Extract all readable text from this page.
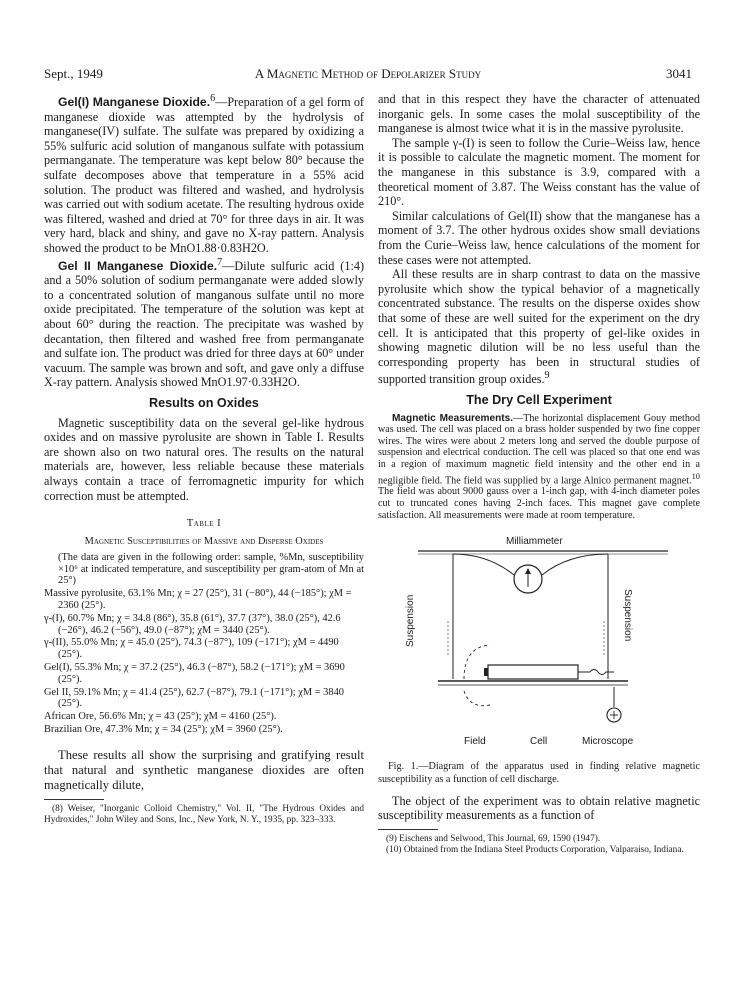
Sept., 1949	A Magnetic Method of Depolarizer Study	3041

Gel(I) Manganese Dioxide.$^6$—Preparation of a gel form of manganese dioxide was attempted by the hydrolysis of manganese(IV) sulfate. The sulfate was prepared by oxidizing a 55% sulfuric acid solution of manganous sulfate with potassium permanganate. The temperature was kept below 80° because the sulfate decomposes above that temperature in a 55% acid solution. The product was filtered and washed, and hydrolysis was carried out with sodium acetate. The resulting hydrous oxide was filtered, washed and dried at 70° for three days in air. It was very hard, black and shiny, and gave no X-ray pattern. Analysis showed the product to be MnO1.88·0.83H2O.

Gel II Manganese Dioxide.$^7$—Dilute sulfuric acid (1:4) and a 50% solution of sodium permanganate were added slowly to a concentrated solution of manganous sulfate until no more oxide precipitated. The temperature of the solution was kept at about 60° during the reaction. The precipitate was washed by decantation, then filtered and washed free from permanganate and sulfate ion. The product was dried for three days at 60° under vacuum. The sample was brown and soft, and gave only a diffuse X-ray pattern. Analysis showed MnO1.97·0.33H2O.

Results on Oxides

Magnetic susceptibility data on the several gel-like hydrous oxides and on massive pyrolusite are shown in Table I. Results are shown also on two natural ores. The results on the natural materials are, however, less reliable because these materials always contain a trace of ferromagnetic impurity for which correction must be attempted.

Table I
Magnetic Susceptibilities of Massive and Disperse Oxides
(The data are given in the following order: sample, %Mn, susceptibility ×10⁶ at indicated temperature, and susceptibility per gram-atom of Mn at 25°)
Massive pyrolusite, 63.1% Mn; χ = 27 (25°), 31 (−80°), 44 (−185°); χM = 2360 (25°).
γ-(I), 60.7% Mn; χ = 34.8 (86°), 35.8 (61°), 37.7 (37°), 38.0 (25°), 42.6 (−26°), 46.2 (−56°), 49.0 (−87°); χM = 3440 (25°).
γ-(II), 55.0% Mn; χ = 45.0 (25°), 74.3 (−87°), 109 (−171°); χM = 4490 (25°).
Gel(I), 55.3% Mn; χ = 37.2 (25°), 46.3 (−87°), 58.2 (−171°); χM = 3690 (25°).
Gel II, 59.1% Mn; χ = 41.4 (25°), 62.7 (−87°), 79.1 (−171°); χM = 3840 (25°).
African Ore, 56.6% Mn; χ = 43 (25°); χM = 4160 (25°).
Brazilian Ore, 47.3% Mn; χ = 34 (25°); χM = 3960 (25°).

These results all show the surprising and gratifying result that natural and synthetic manganese dioxides are often magnetically dilute,

(8) Weiser, "Inorganic Colloid Chemistry," Vol. II, "The Hydrous Oxides and Hydroxides," John Wiley and Sons, Inc., New York, N. Y., 1935, pp. 323–333.

and that in this respect they have the character of attenuated inorganic gels. In some cases the molal susceptibility of the manganese is almost twice what it is in the massive pyrolusite.

The sample γ-(I) is seen to follow the Curie–Weiss law, hence it is possible to calculate the magnetic moment. The moment for the manganese in this substance is 3.9, compared with a theoretical moment of 3.87. The Weiss constant has the value of 210°.

Similar calculations of Gel(II) show that the manganese has a moment of 3.7. The other hydrous oxides show small deviations from the Curie–Weiss law, hence calculations of the moment for these cases were not attempted.

All these results are in sharp contrast to data on the massive pyrolusite which show the typical behavior of a magnetically concentrated substance. The results on the disperse oxides show that some of these are well suited for the experiment on the dry cell. It is anticipated that this property of gel-like oxides in showing magnetic dilution will be no less useful than the corresponding property has been in structural studies of supported transition group oxides.$^9$

The Dry Cell Experiment

Magnetic Measurements.—The horizontal displacement Gouy method was used. The cell was placed on a brass holder suspended by two fine copper wires. The wires were about 2 meters long and served the double purpose of suspension and electrical conduction. The cell was placed so that one end was in a region of maximum magnetic field intensity and the other end in a negligible field. The field was supplied by a large Alnico permanent magnet.$^{10}$ The field was about 9000 gauss over a 1-inch gap, with 4-inch diameter poles cut to truncated cones having 2-inch faces. This magnet gave complete satisfaction. All measurements were made at room temperature.

Milliammeter
Suspension	Suspension
Field	Cell	Microscope

Fig. 1.—Diagram of the apparatus used in finding relative magnetic susceptibility as a function of cell discharge.

The object of the experiment was to obtain relative magnetic susceptibility measurements as a function of

(9) Eischens and Selwood, This Journal, 69, 1590 (1947).

(10) Obtained from the Indiana Steel Products Corporation, Valparaiso, Indiana.
